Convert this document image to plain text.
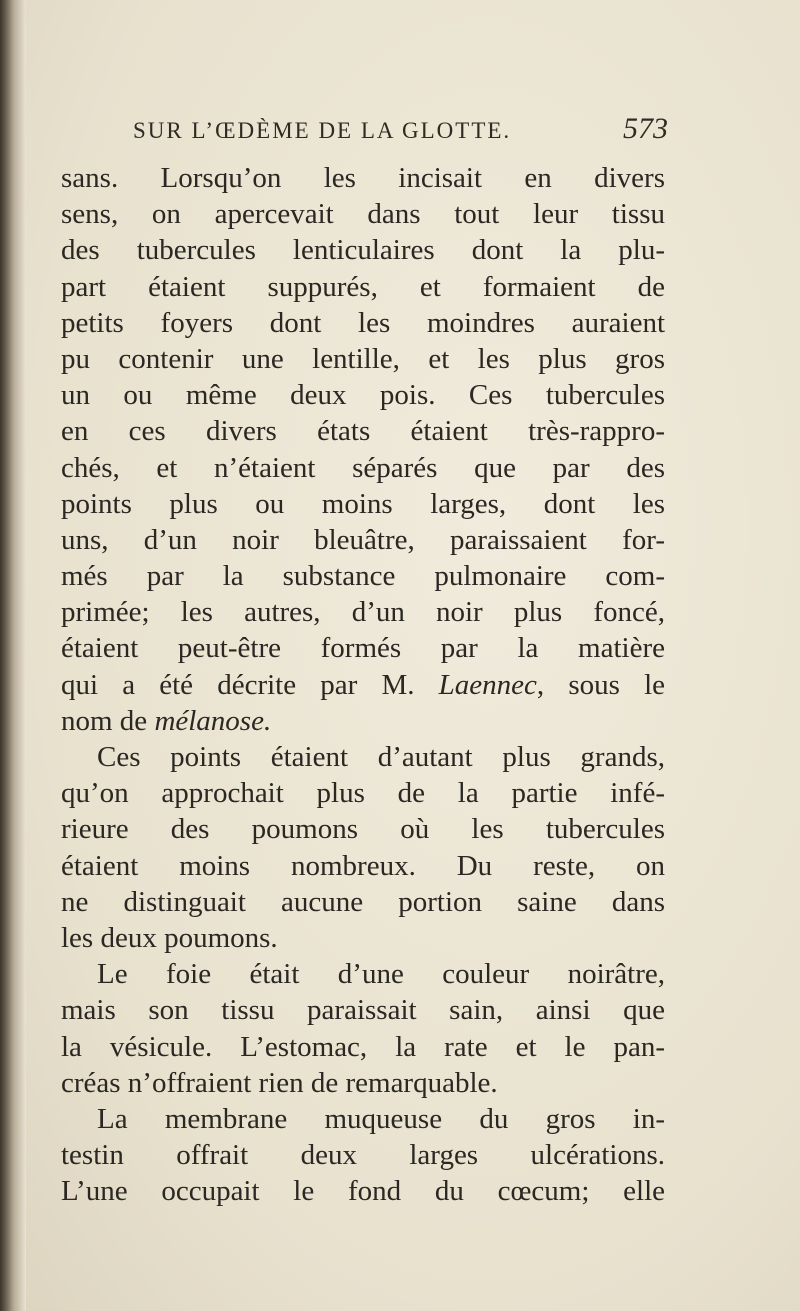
SUR L’ŒDÈME DE LA GLOTTE.	573
sans. Lorsqu’on les incisait en divers
sens, on apercevait dans tout leur tissu
des tubercules lenticulaires dont la plu-
part étaient suppurés, et formaient de
petits foyers dont les moindres auraient
pu contenir une lentille, et les plus gros
un ou même deux pois. Ces tubercules
en ces divers états étaient très-rappro-
chés, et n’étaient séparés que par des
points plus ou moins larges, dont les
uns, d’un noir bleuâtre, paraissaient for-
més par la substance pulmonaire com-
primée; les autres, d’un noir plus foncé,
étaient peut-être formés par la matière
qui a été décrite par M. Laennec, sous le
nom de mélanose.
Ces points étaient d’autant plus grands,
qu’on approchait plus de la partie infé-
rieure des poumons où les tubercules
étaient moins nombreux. Du reste, on
ne distinguait aucune portion saine dans
les deux poumons.
Le foie était d’une couleur noirâtre,
mais son tissu paraissait sain, ainsi que
la vésicule. L’estomac, la rate et le pan-
créas n’offraient rien de remarquable.
La membrane muqueuse du gros in-
testin offrait deux larges ulcérations.
L’une occupait le fond du cœcum; elle
